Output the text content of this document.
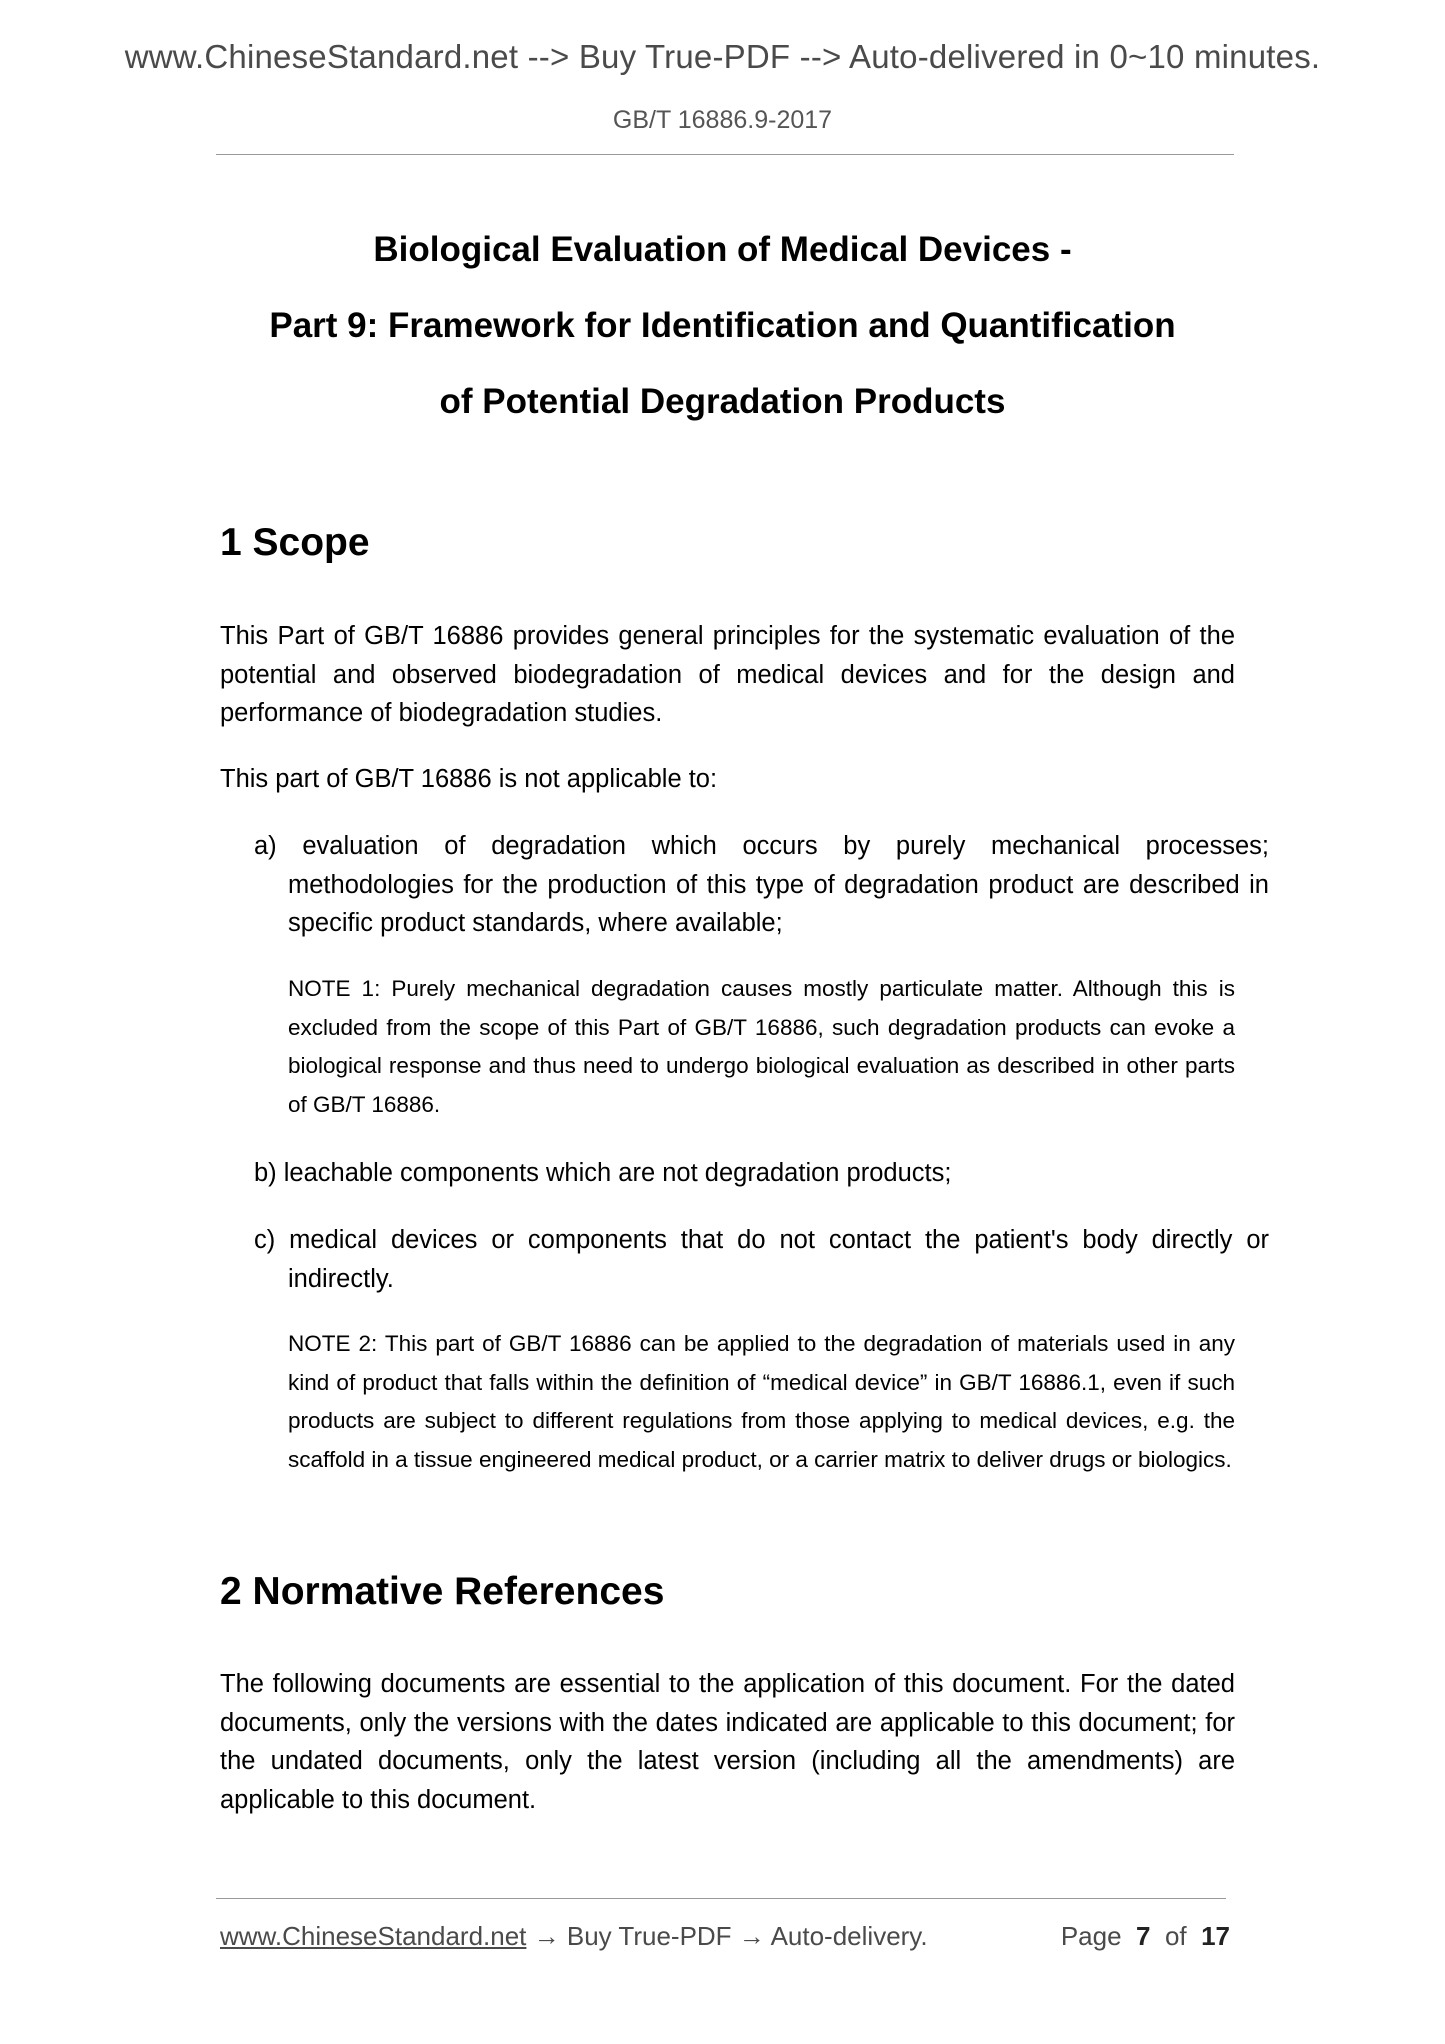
www.ChineseStandard.net --> Buy True-PDF --> Auto-delivered in 0~10 minutes.
GB/T 16886.9-2017
Biological Evaluation of Medical Devices -
Part 9: Framework for Identification and Quantification
of Potential Degradation Products
1 Scope

This Part of GB/T 16886 provides general principles for the systematic evaluation of the potential and observed biodegradation of medical devices and for the design and performance of biodegradation studies.

This part of GB/T 16886 is not applicable to:

a) evaluation of degradation which occurs by purely mechanical processes; methodologies for the production of this type of degradation product are described in specific product standards, where available;

NOTE 1: Purely mechanical degradation causes mostly particulate matter. Although this is excluded from the scope of this Part of GB/T 16886, such degradation products can evoke a biological response and thus need to undergo biological evaluation as described in other parts of GB/T 16886.

b) leachable components which are not degradation products;

c) medical devices or components that do not contact the patient's body directly or indirectly.

NOTE 2: This part of GB/T 16886 can be applied to the degradation of materials used in any kind of product that falls within the definition of “medical device” in GB/T 16886.1, even if such products are subject to different regulations from those applying to medical devices, e.g. the scaffold in a tissue engineered medical product, or a carrier matrix to deliver drugs or biologics.

2 Normative References

The following documents are essential to the application of this document. For the dated documents, only the versions with the dates indicated are applicable to this document; for the undated documents, only the latest version (including all the amendments) are applicable to this document.

www.ChineseStandard.net → Buy True-PDF → Auto-delivery.	Page 7 of 17
